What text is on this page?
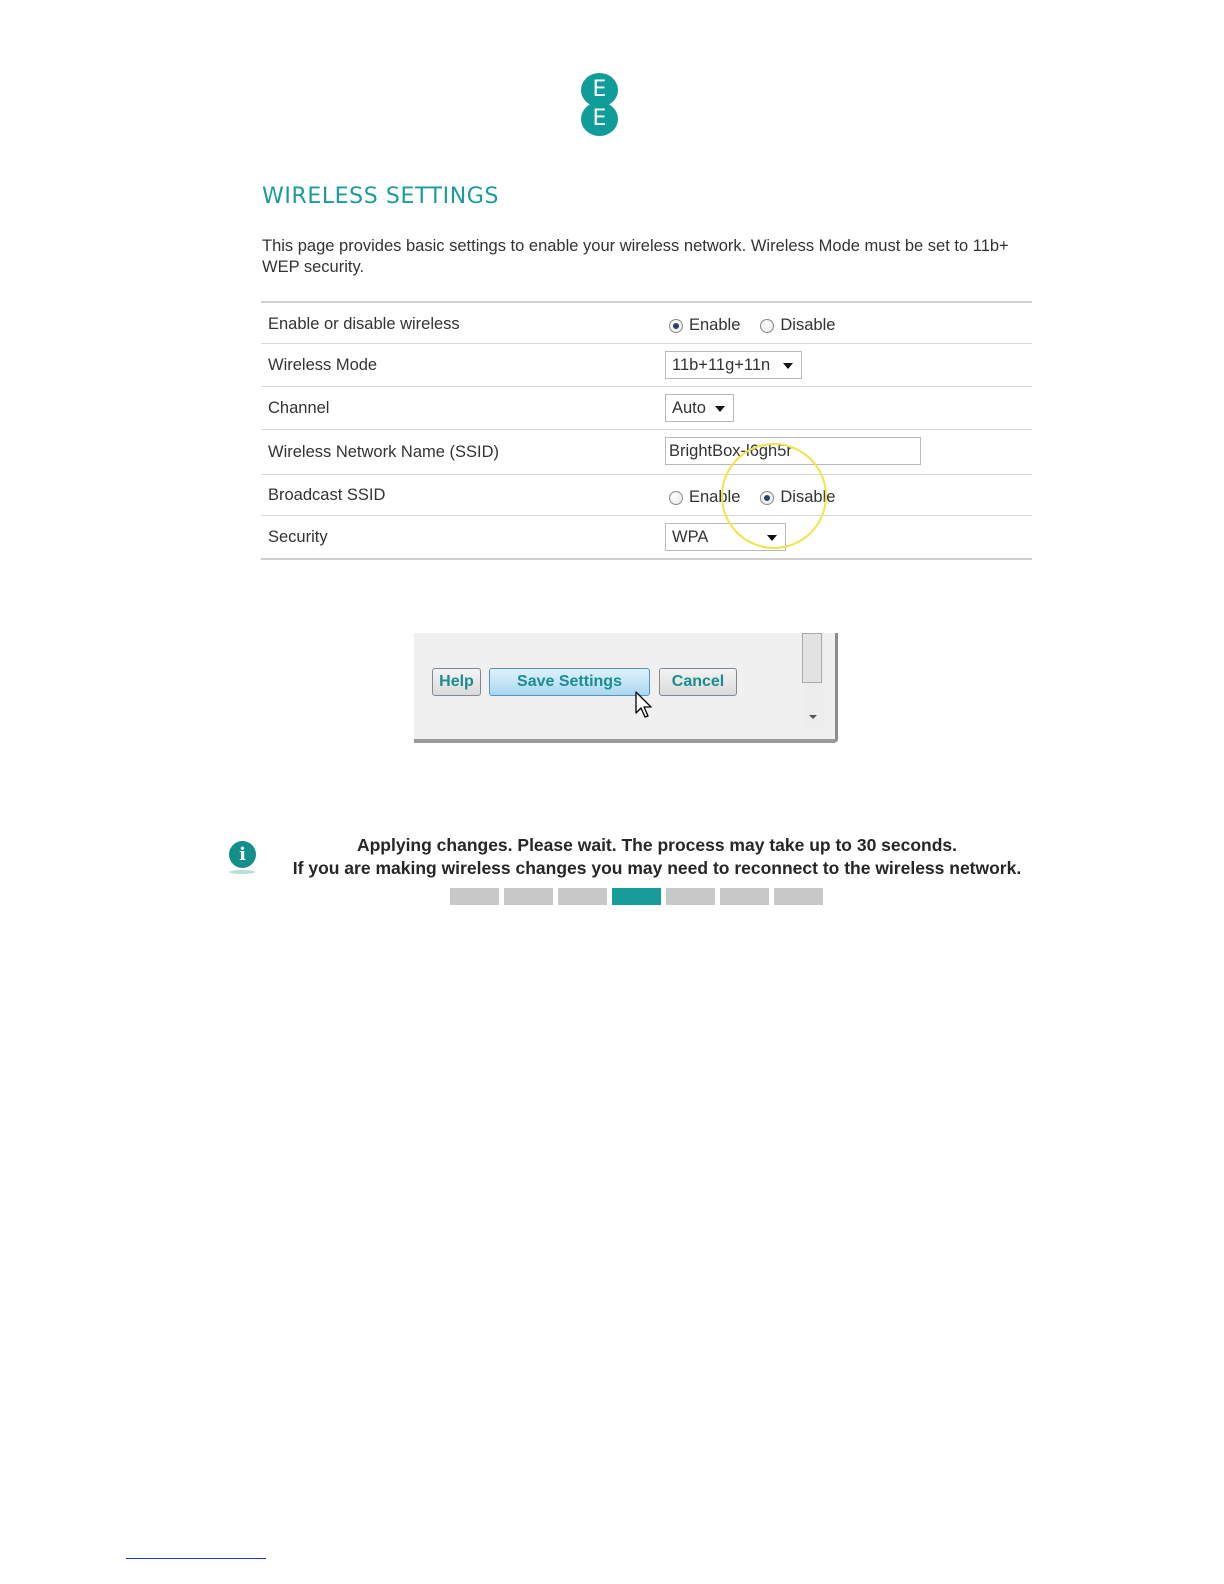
E
E
WIRELESS SETTINGS
This page provides basic settings to enable your wireless network. Wireless Mode must be set to 11b+ WEP security.
Enable or disable wireless	Enable Disable
Wireless Mode	11b+11g+11n
Channel	Auto
Wireless Network Name (SSID)	BrightBox-l6gh5r
Broadcast SSID	Enable Disable
Security	WPA
Help	Save Settings	Cancel
i	Applying changes. Please wait. The process may take up to 30 seconds.
If you are making wireless changes you may need to reconnect to the wireless network.
